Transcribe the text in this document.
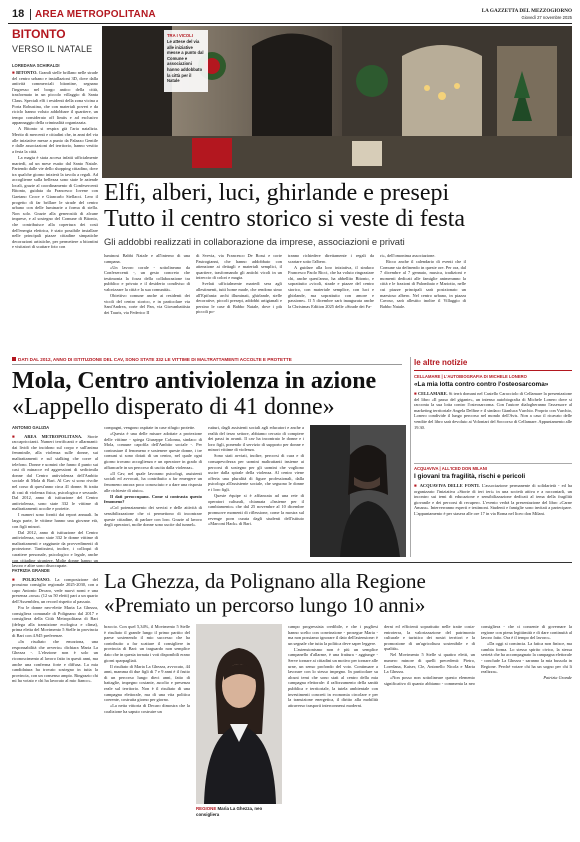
18 AREA METROPOLITANA	LA GAZZETTA DEL MEZZOGIORNO
Giovedì 27 novembre 2025
BITONTO
VERSO IL NATALE
LOREDANA SCHIRALDI
TRA I VICOLI
Le attese del via alle iniziative messe a punto dal Comune e associazioni hanno addobbato la città per il Natale

■ BITONTO. Grandi stelle brillano nelle strade del centro urbano e installazioni 3D, dove dalla antività commerciali bitontine, segnano l'ingresso nel borgo antico della città, trasformato in un piccolo villaggio di Santa Claus. Speciali elfi i residenti della zona vicina a Porta Robustina, che con materiali poveri e da riciclo hanno voluto addobbare il quartiere, un tempo considerato off limits e ad esclusivo appannaggio della criminalità organizzata.

A Bitonto si respira già l'aria natalizia. Merito di mercenti e cittadini che, in anni del via alle iniziative messe a punto da Palazzo Gentile e dalle associazioni del territorio, hanno vestito a festa la città.

La magia è stata accesa infatti ufficialmente martedì, ad un mese esatto dal Santo Natale. Partendo dalle vie dello shopping cittadino, dove tra qualche giorno inizierà la tavola a regali. Ad accoglierne sulla bellezza sono state le aziende locali, grazie al coordinamento di Confesercenti Bitonto, guidata da Francesco Iovene con Gaetano Croce e Giancarlo Stellacci. Lero il progetto di far brillare le strade del centro urbano con delle luminarie a forma di stella. Non solo. Grazie alla generosità di alcune imprese, e al sostegno del Comune di Bitonto, che contribuisce alla copertura dei costi dell'energia elettrica, è stato possibile installare nelle principali piazze cittadine simpatiche decorazioni artistiche, per permettere a bitontini e visitatori di scattare foto con

Elfi, alberi, luci, ghirlande e presepi
Tutto il centro storico si veste di festa
Gli addobbi realizzati in collaborazione da imprese, associazioni e privati

luminosi Babbi Natale e all'interno di una campana.

«Un lavoro corale - sottolineano da Confesercenti -, un gesto concreto che testimonia la forza della collaborazione tra pubblico e privato e il desiderio condiviso di valorizzare la città e la sua comunità».

Obiettivo comune anche ai residenti dei vicoli del centro storico, e in particolare via Sant'Andrea, corte del Pan, via Giovanbattista dei Tauris, via Federico II

di Svevia, via Francesco De Rossi e corte Pastrogianni, che hanno addobbato con attenzione ai dettagli e materiali semplici, il quartiere, trasformando gli antichi vicoli in un intreccio di colori e magia.

Svelati ufficialmente martedì sera agli allestimenti, tutti home made, che rendono simo all'Epifania: archi illuminati, ghirlande, stelle decorative, piccoli presepi, addobbi artigianali e persino le case di Babbo Natale, dove i più piccoli po-

tranno richiedere direttamente i regali da scartare sotto l'albero.

A guidare alla loro iniziativa, il sindaco Francesco Paolo Ricci, che ha voluto ringraziare chi, anche quest'anno, ha abbellito Bitonto, e soprattutto «vicoli, strade e piazze del centro storico, con materiale semplice, con luci e ghirlande, ma soprattutto con amore e passione». Il 5 dicembre sarà inaugurata anche la Christmas Edition 2025 delle «Strade dei Fa-

ri», dell'omonima associazione.

Ricco anche il calendario di eventi che il Comune sta definendo in queste ore. Per ora, dal 7 dicembre al 7 gennaio, musica, tradizioni e momenti dedicati alle famiglie animeranno la città e le frazioni di Palombaio e Mariotto, nelle cui piazze principali sarà posizionato un maestoso albero. Nel centro urbano, in piazza Cavour, sarà allestito inoltre il Villaggio di Babbo Natale.

DATI DAL 2012, ANNO DI ISTITUZIONE DEL CAV, SONO STATE 332 LE VITTIME DI MALTRATTAMENTI ACCOLTE E PROTETTE
Mola, Centro antiviolenza in azione
«Lappello disperato di 41 donne»
ANTONIO GALIZIA

■ AREA METROPOLITANA. Storie raccapriccianti. Numeri terrificanti e allarmanti: dai lividi che incidono sul corpo e sull'anima femminile, alla violenza sulle donne, sui maltrattamenti e sul stalking che corre al telefono. Donne e uomini che fanno il punto sui casi di minacce ed aggressioni di sedicimila donne dal Centro antiviolenza dell'Ambito sociale di Mola di Bari. Al Cav si sono rivolte nel corso di quest'anno circa 41 donne. Si tratta di casi di violenza fisica, psicologica e sessuale. Dal 2012, anno di istituzione del Centro antiviolenza, sono state 332 le vittime di maltrattamenti accolte e protette.

I numeri sono forniti dai report annuali. In larga parte, le vittime hanno una giovane età, con figli minori.

Dal 2012, anno di istituzione del Centro antiviolenza, sono state 332 le donne vittime di maltrattamenti e raggiunte da provvedimenti di protezione. Tantissimi, inoltre, i colloqui di carattere personale, psicologico e legale, anche con cittadine straniere. Molte donne hanno un lavoro e altre sono disoccupate.

compagni, vengono ospitate in case rifugio protette.

«Questa è una delle misure adottate a protezione delle vittime - spiega Giuseppe Colonna, sindaco di Mola, comune capofila dell'Ambito sociale -. Per contrastare il fenomeno e sostenere queste donne, i tre comuni si sono dotati di un centro, nel quale ogni giorno trovano accoglienza e un operatore in grado di affiancarle in un percorso di uscita dalla violenza».

«Il Cav, nel quale lavorano psicologi, assistenti sociali ed avvocati, ha contribuito a far emergere un fenomeno ancora poco conosciuto e a dare una risposta alle richieste di aiuto».

Il dati preoccupano. Come si contrasta questo fenomeno?

«Col potenziamento dei servizi e delle attività di sensibilizzazione che ci permettono di incontrare queste cittadine, di parlare con loro. Grazie al lavoro degli operatori, molte donne sono uscite dal tunnel».

rutturi, dagli assistenti sociali agli educatori e anche a realtà del terzo settore, abbiamo cercato di compiere dei passi in avanti. Il cav ha incontrato le donne e i loro figli, ponendo il servizio di supporto per donne e minori vittime di violenza.

Sono stati avviati, inoltre, percorsi di cura e di consapevolezza per uomini maltrattanti insieme ai percorsi di sostegno per gli uomini che vogliono uscire dalla spirale della violenza. Al centro viene offerta una pluralità di figure professionali, dalla psicologa all'assistente sociale, che seguono le donne e i loro figli.

Queste équipe si è affiancata ad una rete di operatori culturali, chiamata «Insieme per il cambiamento» che dal 25 novembre al 10 dicembre promuove momenti di riflessione, come la mostra sul revenge porn curata dagli studenti dell'istituto «Marconi Hack» di Bari.

le altre notizie
CELLAMARE | L'AUTOBIOGRAFIA DI MICHELE LONERO
«La mia lotta contro contro l'osteosarcoma»

■ CELLAMARE. Si terrà domani nel Castello Caracciolo di Cellamare la presentazione del libro «Il passo del gigante», un intenso autobiografia di Michele Lonero dove si racconta la sua lotta contro l'osteosarcoma. Con l'autore dialogheranno l'assessore al marketing territoriale Angela Delfine e il sindaco Gianluca Vurchio. Proprio con Vurchio, Lonero condivide il lungo percorso nel mondo dell'Avis. Non a caso il ricavato delle vendite del libro sarà devoluto ai Volontari del Soccorso di Cellamare. Appuntamento alle 19.30.

ACQUAVIVA | ALL'ICED DON MILANI
I giovani tra fragilità, rischi e pericoli

■ ACQUAVIVA DELLE FONTI. L'associazione permanente di solidarietà - ed ha organizzato l'iniziativa «Storie di ieri ieri» in una società attiva e a raccontarli, un incontro sui temi di educazione e sensibilizzazione dedicati al tema della fragilità giovanile e dei percorsi di recupero. L'evento vedrà la presentazione del libro «Carne Amara». Interverranno esperti e testimoni. Studenti e famiglie sono invitati a partecipare. L'appuntamento è per stasera alle ore 17 in via Roma nel liceo don Milani.

PATRIZIA GRANDE

■ POLIGNANO. La composizione del prossimo consiglio regionale 2025-2030, con a capo Antonio Decaro, vede nuovi nomi e una presenza «rosa» (12 su 50 eletti) pari a un quarto dell'Assemblea, un record rispetto al passato.

Fra le donne neo-elette Maria La Ghezza, consigliera comunale di Polignano dal 2017 e consigliera della Città Metropolitana di Bari (delega alla transizione ecologica e clima), prima eletta del Movimento 5 Stelle in provincia di Bari con 4.945 preferenze.

«In risultato che emoziona, una responsabilità che avverto» dichiara Maria La Ghezza -. L'elezione non è solo un riconoscimento al lavoro fatto in questi anni, ma anche una conferma forte e diffusa. La mia candidatura ha trovato sostegno in tutta la provincia, con un consenso ampio. Ringrazio chi mi ha votato e chi ha lavorato al mio fianco».

La Ghezza, da Polignano alla Regione
«Premiato un percorso lungo 10 anni»

braccio. Con quel 5,34%, il Movimento 5 Stelle è risultato il grande lungo il primo partito del paese sostenendo il mio successo che ha contribuito a far scattare il consigliere in provincia di Bari: un traguardo non semplice dato che in questa tornata i voti disponibili erano giorni sparpagliati.

Il risultato di Maria La Ghezza, avvocato, 44 anni, mamma di due figli di 7 e 9 anni è il frutto di un percorso lungo dieci anni, fatto di battaglie, impegno costante, ascolto e presenza reale sul territorio. Non è il risultato di una campagna elettorale, ma di una vita politica coerente, costruita giorno per giorno.

«La netta vittoria di Decaro dimostra che la coalizione ha saputo costruire un

REGIONE Maria La Ghezza, neo consigliera

campo progressista credibile, e che i pugliesi hanno scelto con convinzione - prosegue Maria - ma non possiamo ignorare il dato dell'astensione: è un segnale che tutta la politica deve saper leggere.

L'astensionismo non è più un semplice campanello d'allarme, è una frattura - aggiunge - Serve tornare ai cittadini un motivo per tornare alle urne, un senso profondo del voto. Continuare a lavorare con lo stesso impegno. In particolare su alcuni temi che sono stati al centro della mia campagna elettorale: il rafforzamento della sanità pubblica e territoriale, la tutela ambientale con investimenti concreti in economia circolare e per la transizione energetica, il diritto alla mobilità attraverso trasporti interconnessi moderni.

derni ed efficienti soprattutto nelle tratte costa-entroterra, la valorizzazione del patrimonio culturale e turistico dei nostri territori e la promozione di un'agricoltura sostenibile e di qualità».

Nel Movimento 5 Stelle si quattro eletti, un numero minore di quelli precedenti: Pietro, Loredana, Kaiser, Cle, Antonello Nicola e Maria La Ghezza.

«Non posso non sottolineare questo elemento significativo di quanto abbiamo - commenta la neo consigliera - che ci consente di governare la regione con piena legittimità e di dare continuità al lavoro fatto. Ora è il tempo del lavoro».

«Da oggi si comincia. La fatica non finisce, ma cambia forma. Lo stesso spirito civico, la stessa serietà che ha accompagnato la campagna elettorale - conclude La Ghezza - saranno la mia bussola in Regione. Perché votare chi ha un sogno per chi li realizza».

Patrizia Grande
